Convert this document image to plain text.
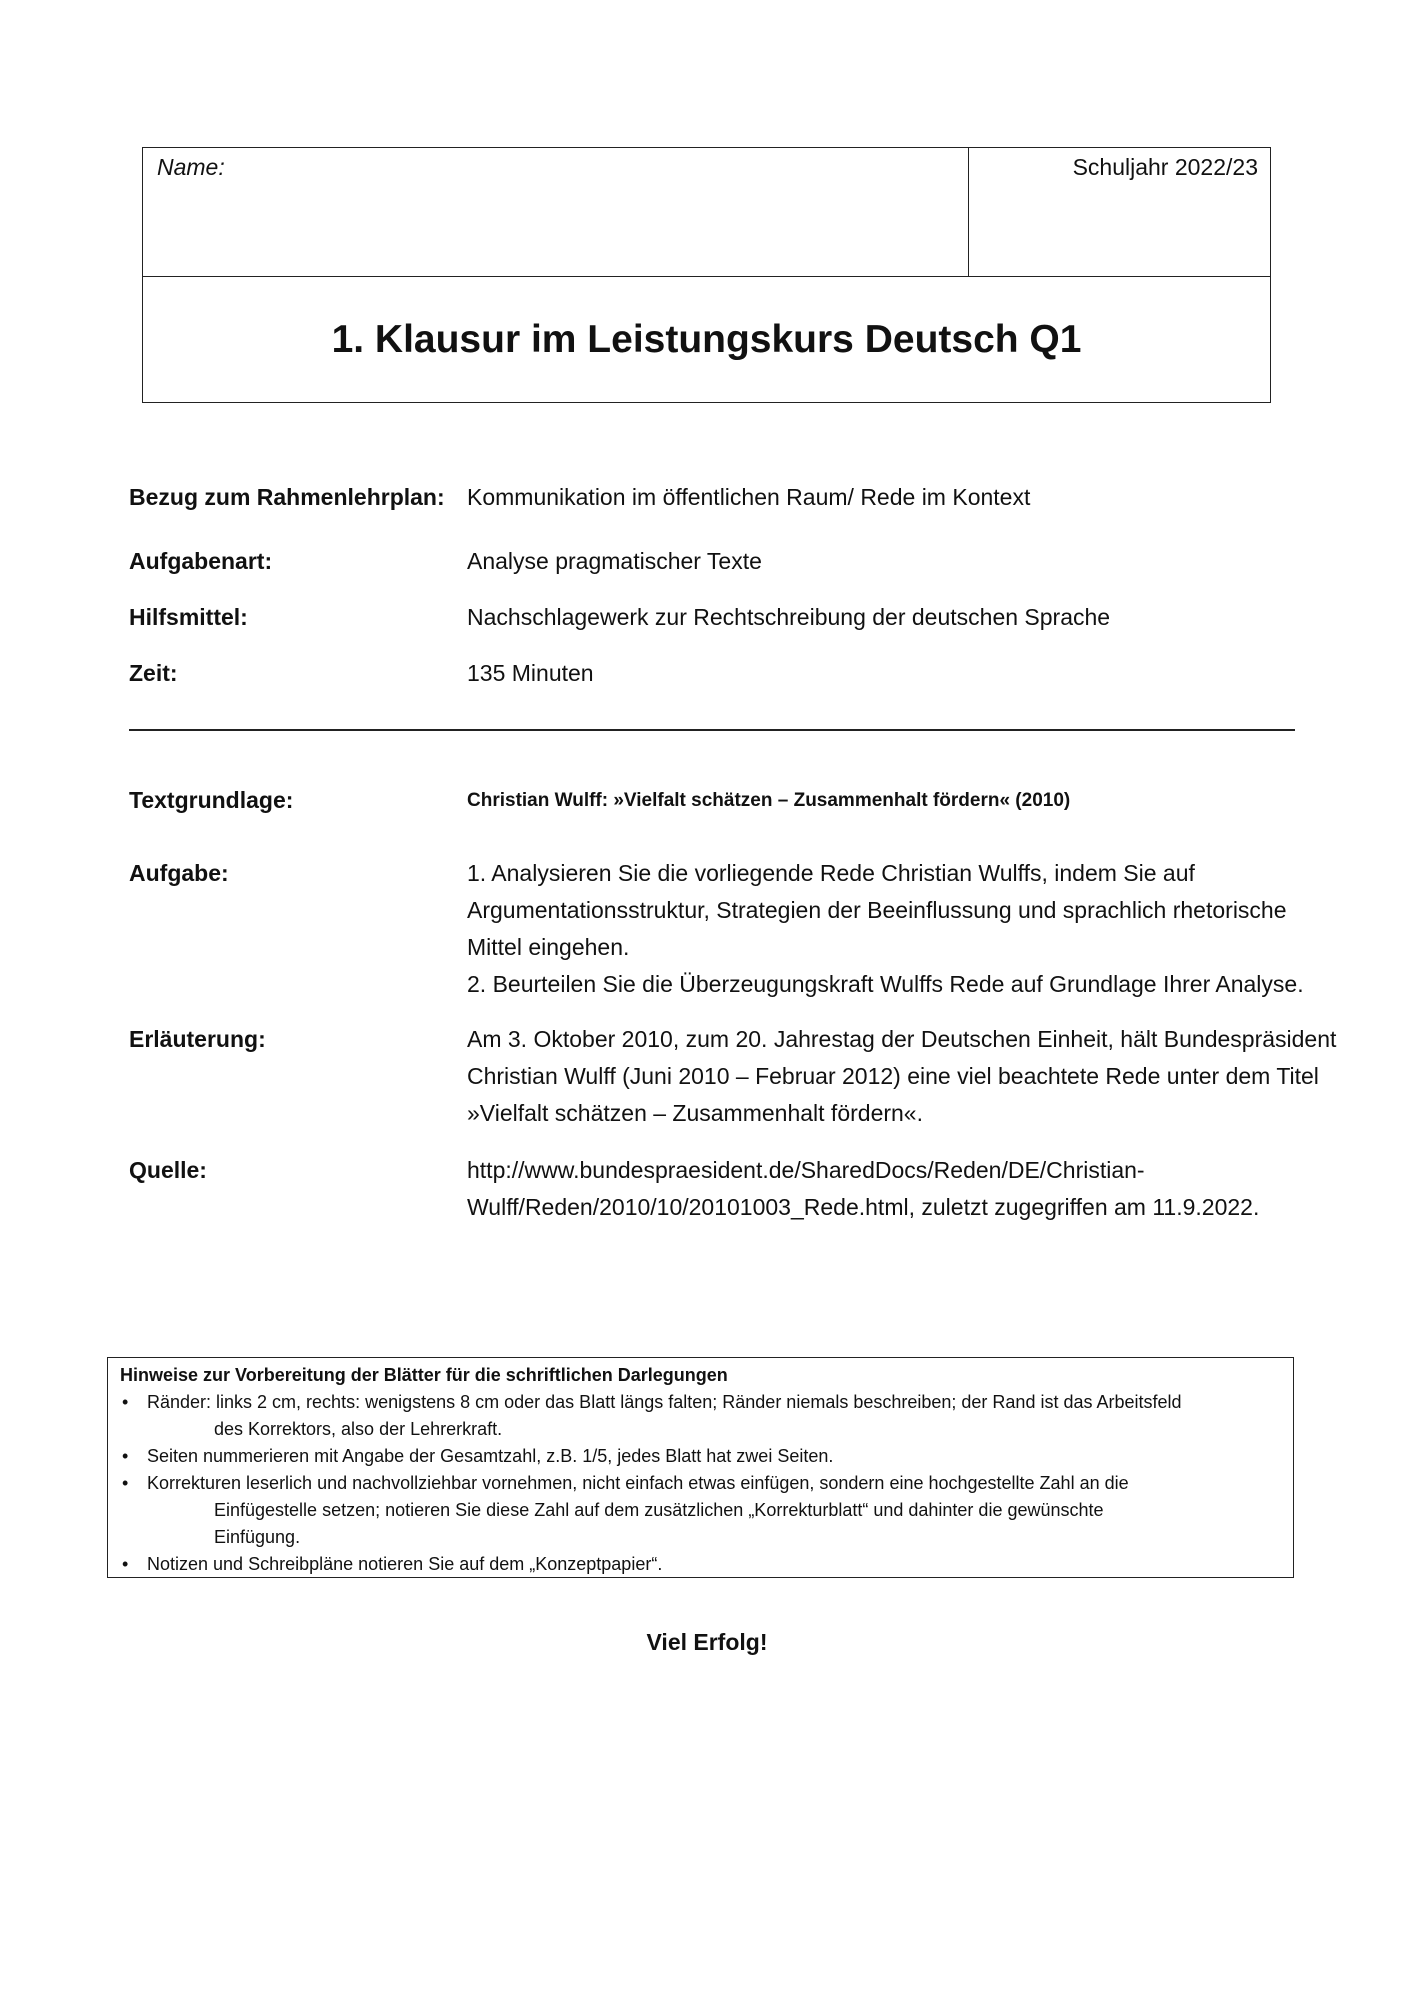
Name:	Schuljahr 2022/23
1. Klausur im Leistungskurs Deutsch Q1
Bezug zum Rahmenlehrplan: Kommunikation im öffentlichen Raum/ Rede im Kontext
Aufgabenart:	Analyse pragmatischer Texte
Hilfsmittel:	Nachschlagewerk zur Rechtschreibung der deutschen Sprache
Zeit:	135 Minuten
Textgrundlage:	Christian Wulff: »Vielfalt schätzen – Zusammenhalt fördern« (2010)
Aufgabe:	1. Analysieren Sie die vorliegende Rede Christian Wulffs, indem Sie auf Argumentationsstruktur, Strategien der Beeinflussung und sprachlich rhetorische Mittel eingehen.

2. Beurteilen Sie die Überzeugungskraft Wulffs Rede auf Grundlage Ihrer Analyse.

Erläuterung:	Am 3. Oktober 2010, zum 20. Jahrestag der Deutschen Einheit, hält Bundespräsident Christian Wulff (Juni 2010 – Februar 2012) eine viel beachtete Rede unter dem Titel »Vielfalt schätzen – Zusammenhalt fördern«.
Quelle:	http://www.bundespraesident.de/SharedDocs/Reden/DE/Christian-

Wulff/Reden/2010/10/20101003_Rede.html, zuletzt zugegriffen am 11.9.2022.

Hinweise zur Vorbereitung der Blätter für die schriftlichen Darlegungen

• Ränder: links 2 cm, rechts: wenigstens 8 cm oder das Blatt längs falten; Ränder niemals beschreiben; der Rand ist das Arbeitsfeld
des Korrektors, also der Lehrerkraft.
• Seiten nummerieren mit Angabe der Gesamtzahl, z.B. 1/5, jedes Blatt hat zwei Seiten.
• Korrekturen leserlich und nachvollziehbar vornehmen, nicht einfach etwas einfügen, sondern eine hochgestellte Zahl an die
Einfügestelle setzen; notieren Sie diese Zahl auf dem zusätzlichen „Korrekturblatt“ und dahinter die gewünschte
Einfügung.
• Notizen und Schreibpläne notieren Sie auf dem „Konzeptpapier“.
Viel Erfolg!
